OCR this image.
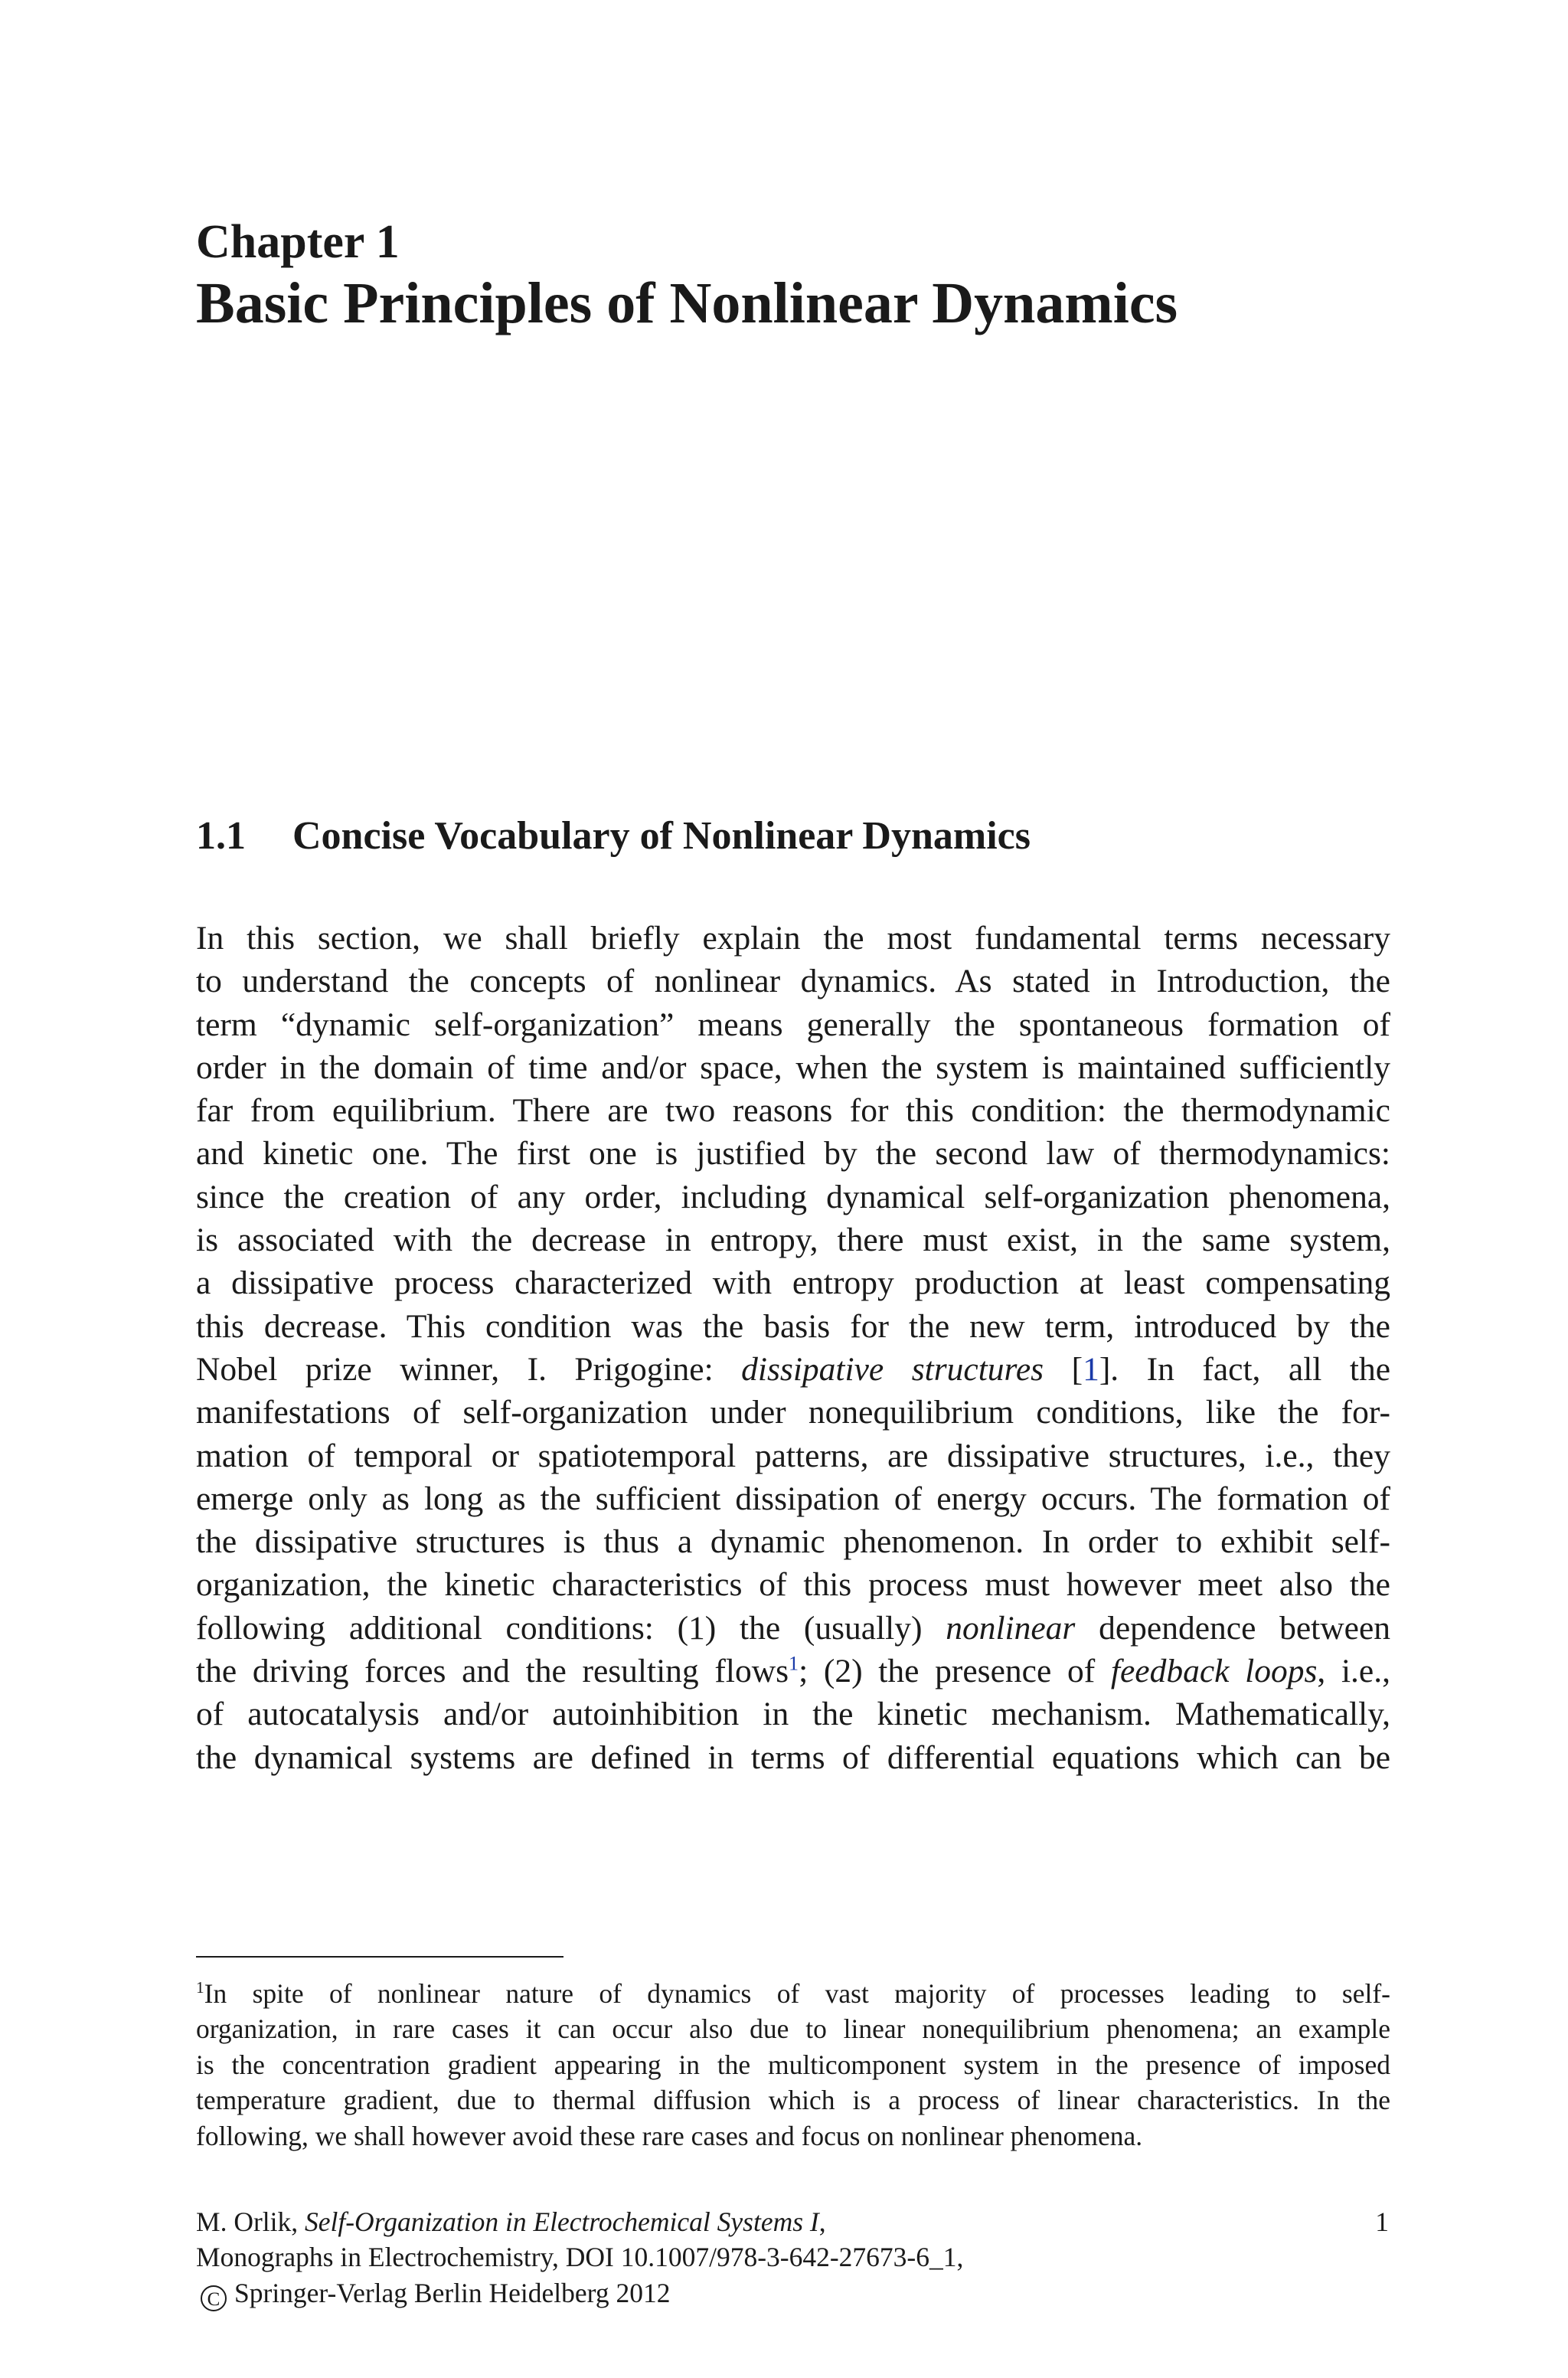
Chapter 1
Basic Principles of Nonlinear Dynamics
1.1 Concise Vocabulary of Nonlinear Dynamics
In this section, we shall briefly explain the most fundamental terms necessary
to understand the concepts of nonlinear dynamics. As stated in Introduction, the
term “dynamic self-organization” means generally the spontaneous formation of
order in the domain of time and/or space, when the system is maintained sufficiently
far from equilibrium. There are two reasons for this condition: the thermodynamic
and kinetic one. The first one is justified by the second law of thermodynamics:
since the creation of any order, including dynamical self-organization phenomena,
is associated with the decrease in entropy, there must exist, in the same system,
a dissipative process characterized with entropy production at least compensating
this decrease. This condition was the basis for the new term, introduced by the
Nobel prize winner, I. Prigogine: dissipative structures [1]. In fact, all the
manifestations of self-organization under nonequilibrium conditions, like the for-
mation of temporal or spatiotemporal patterns, are dissipative structures, i.e., they
emerge only as long as the sufficient dissipation of energy occurs. The formation of
the dissipative structures is thus a dynamic phenomenon. In order to exhibit self-
organization, the kinetic characteristics of this process must however meet also the
following additional conditions: (1) the (usually) nonlinear dependence between
the driving forces and the resulting flows$^1$; (2) the presence of feedback loops, i.e.,
of autocatalysis and/or autoinhibition in the kinetic mechanism. Mathematically,
the dynamical systems are defined in terms of differential equations which can be
$^1$In spite of nonlinear nature of dynamics of vast majority of processes leading to self-
organization, in rare cases it can occur also due to linear nonequilibrium phenomena; an example
is the concentration gradient appearing in the multicomponent system in the presence of imposed
temperature gradient, due to thermal diffusion which is a process of linear characteristics. In the
following, we shall however avoid these rare cases and focus on nonlinear phenomena.
M. Orlik, Self-Organization in Electrochemical Systems I,
Monographs in Electrochemistry, DOI 10.1007/978-3-642-27673-6_1,
C Springer-Verlag Berlin Heidelberg 2012
1
